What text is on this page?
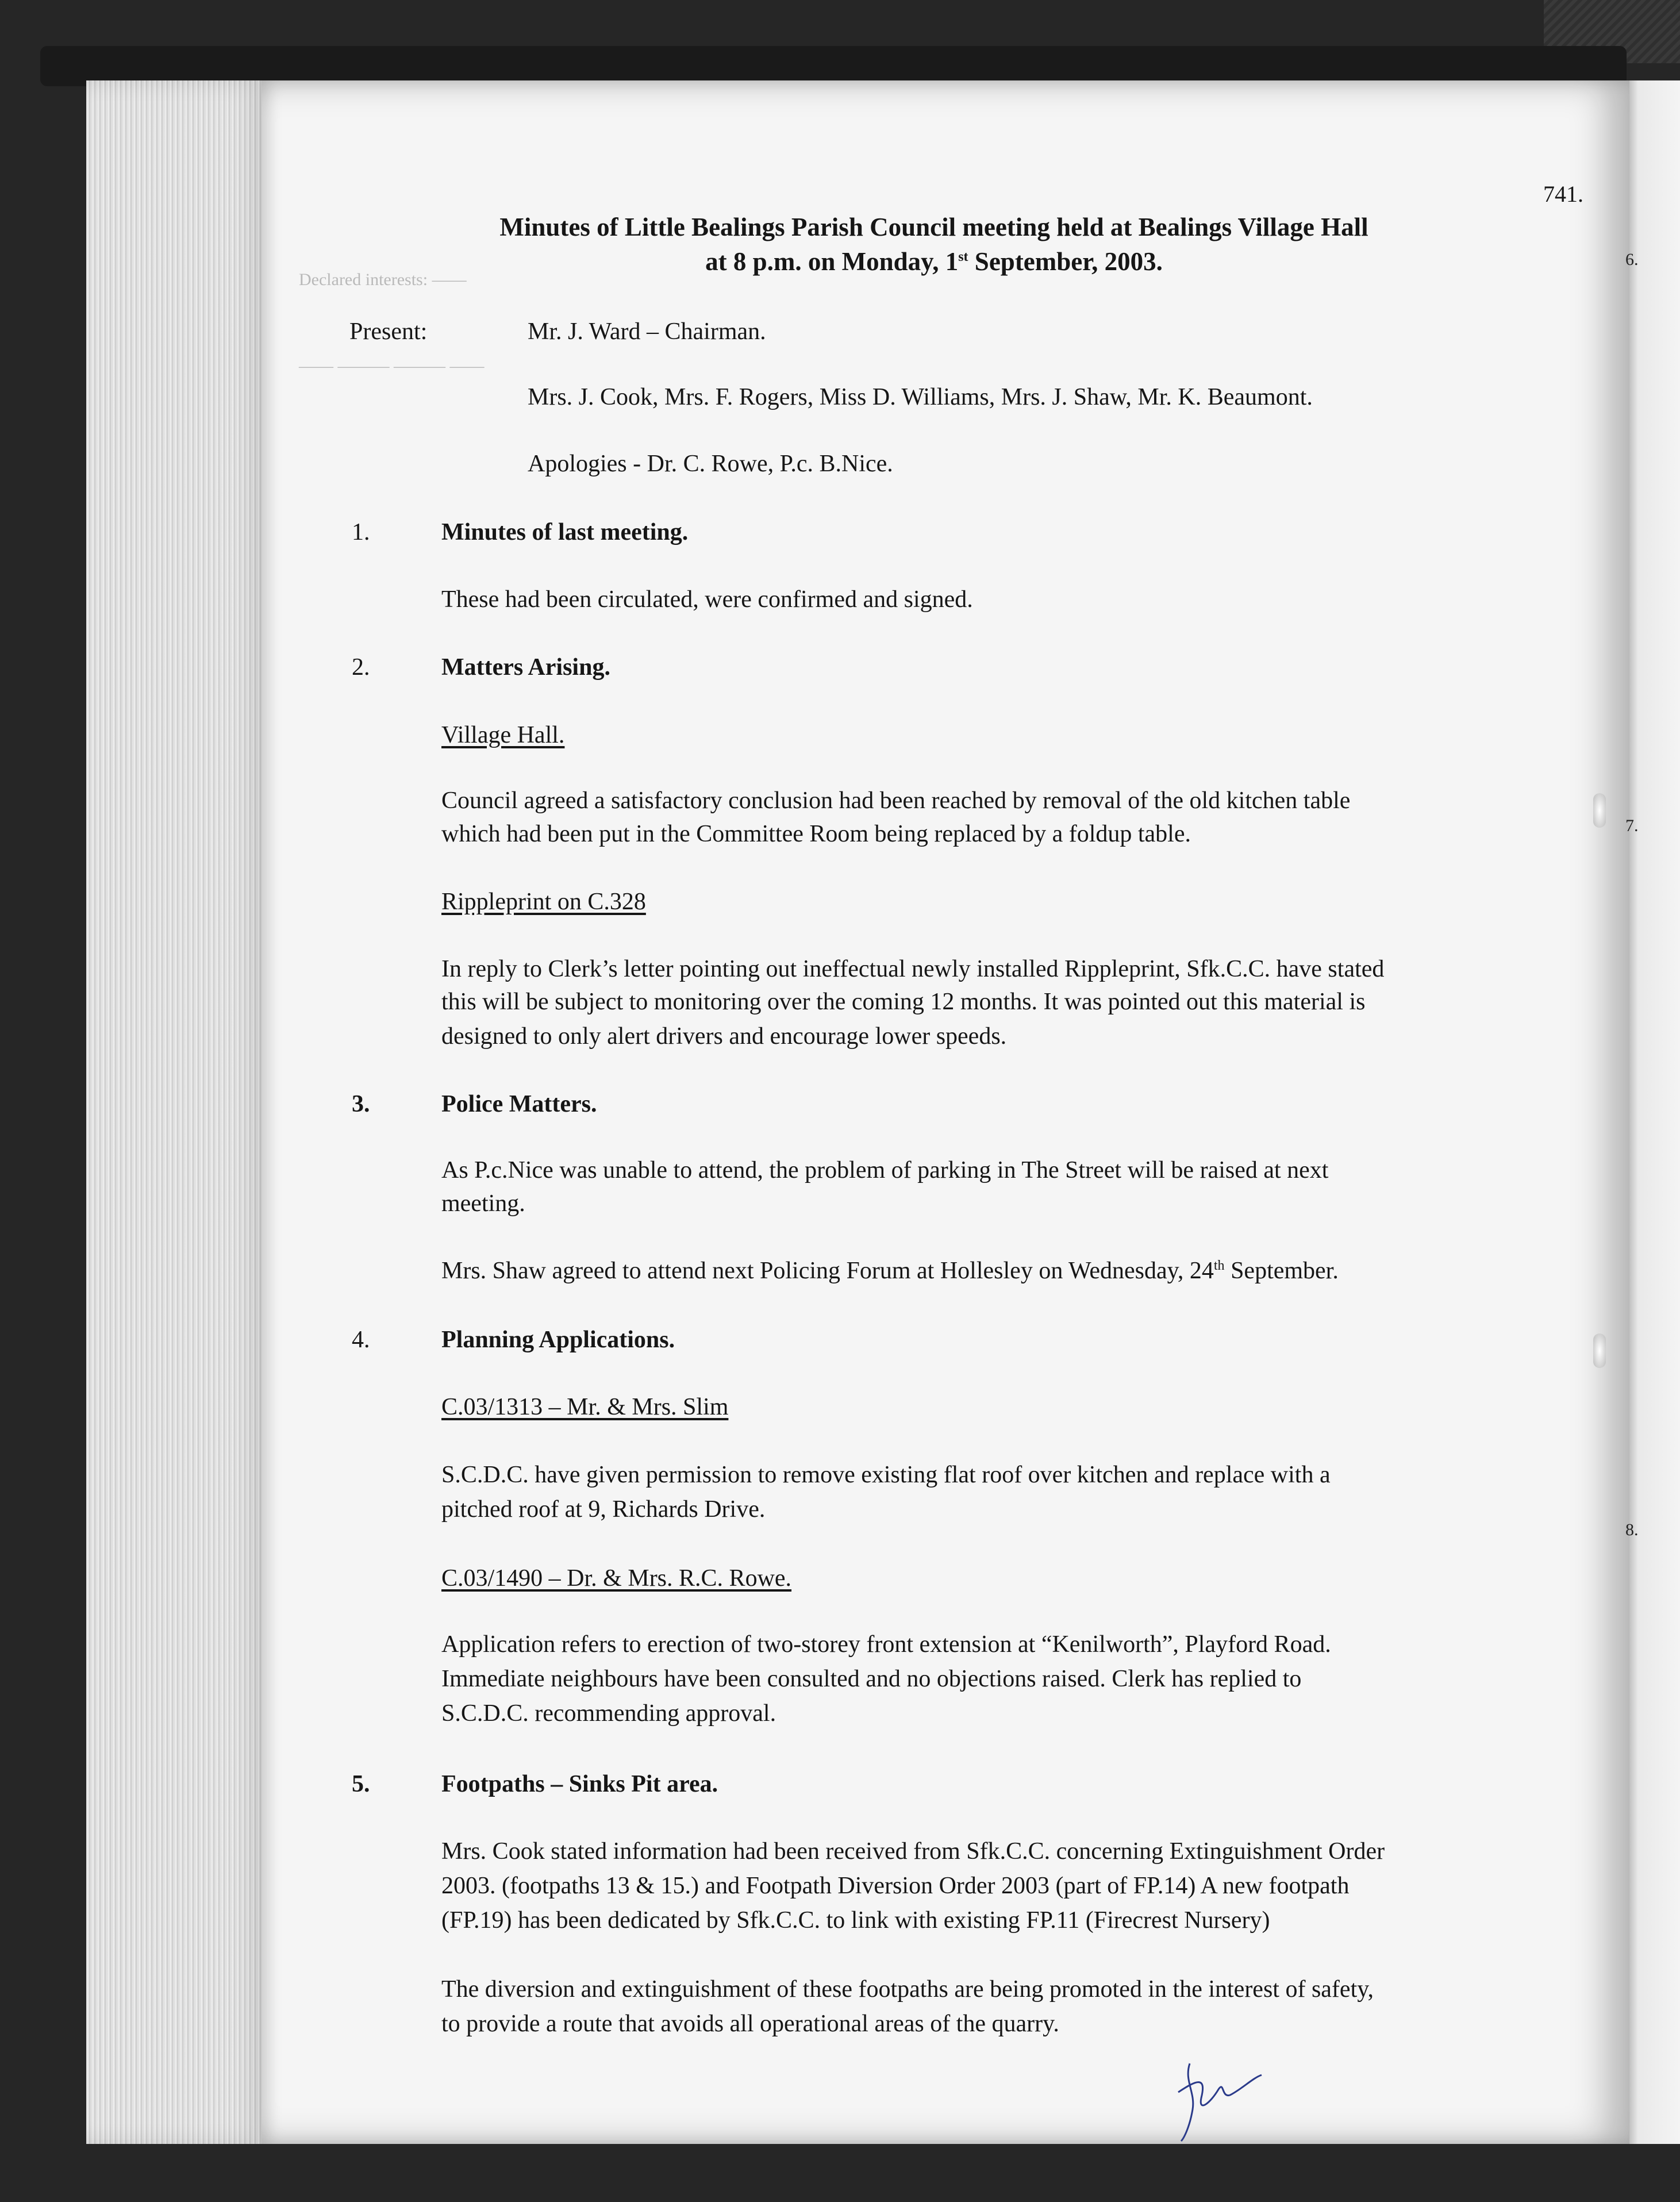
Declared interests: ——
—— ——— ——— ——
741.
Minutes of Little Bealings Parish Council meeting held at Bealings Village Hall
at 8 p.m. on Monday, 1st September, 2003.
Present:	Mr. J. Ward – Chairman.
Mrs. J. Cook, Mrs. F. Rogers, Miss D. Williams, Mrs. J. Shaw, Mr. K. Beaumont.
Apologies - Dr. C. Rowe, P.c. B.Nice.
1.	Minutes of last meeting.
These had been circulated, were confirmed and signed.
2.	Matters Arising.
Village Hall.
Council agreed a satisfactory conclusion had been reached by removal of the old kitchen table
which had been put in the Committee Room being replaced by a foldup table.
Rippleprint on C.328
In reply to Clerk’s letter pointing out ineffectual newly installed Rippleprint, Sfk.C.C. have stated
this will be subject to monitoring over the coming 12 months. It was pointed out this material is
designed to only alert drivers and encourage lower speeds.
3.	Police Matters.
As P.c.Nice was unable to attend, the problem of parking in The Street will be raised at next
meeting.
Mrs. Shaw agreed to attend next Policing Forum at Hollesley on Wednesday, 24th September.
4.	Planning Applications.
C.03/1313 – Mr. & Mrs. Slim
S.C.D.C. have given permission to remove existing flat roof over kitchen and replace with a
pitched roof at 9, Richards Drive.
C.03/1490 – Dr. & Mrs. R.C. Rowe.
Application refers to erection of two-storey front extension at “Kenilworth”, Playford Road.
Immediate neighbours have been consulted and no objections raised. Clerk has replied to
S.C.D.C. recommending approval.
5.	Footpaths – Sinks Pit area.
Mrs. Cook stated information had been received from Sfk.C.C. concerning Extinguishment Order
2003. (footpaths 13 & 15.) and Footpath Diversion Order 2003 (part of FP.14) A new footpath
(FP.19) has been dedicated by Sfk.C.C. to link with existing FP.11 (Firecrest Nursery)
The diversion and extinguishment of these footpaths are being promoted in the interest of safety,
to provide a route that avoids all operational areas of the quarry.
6.
7.
8.
